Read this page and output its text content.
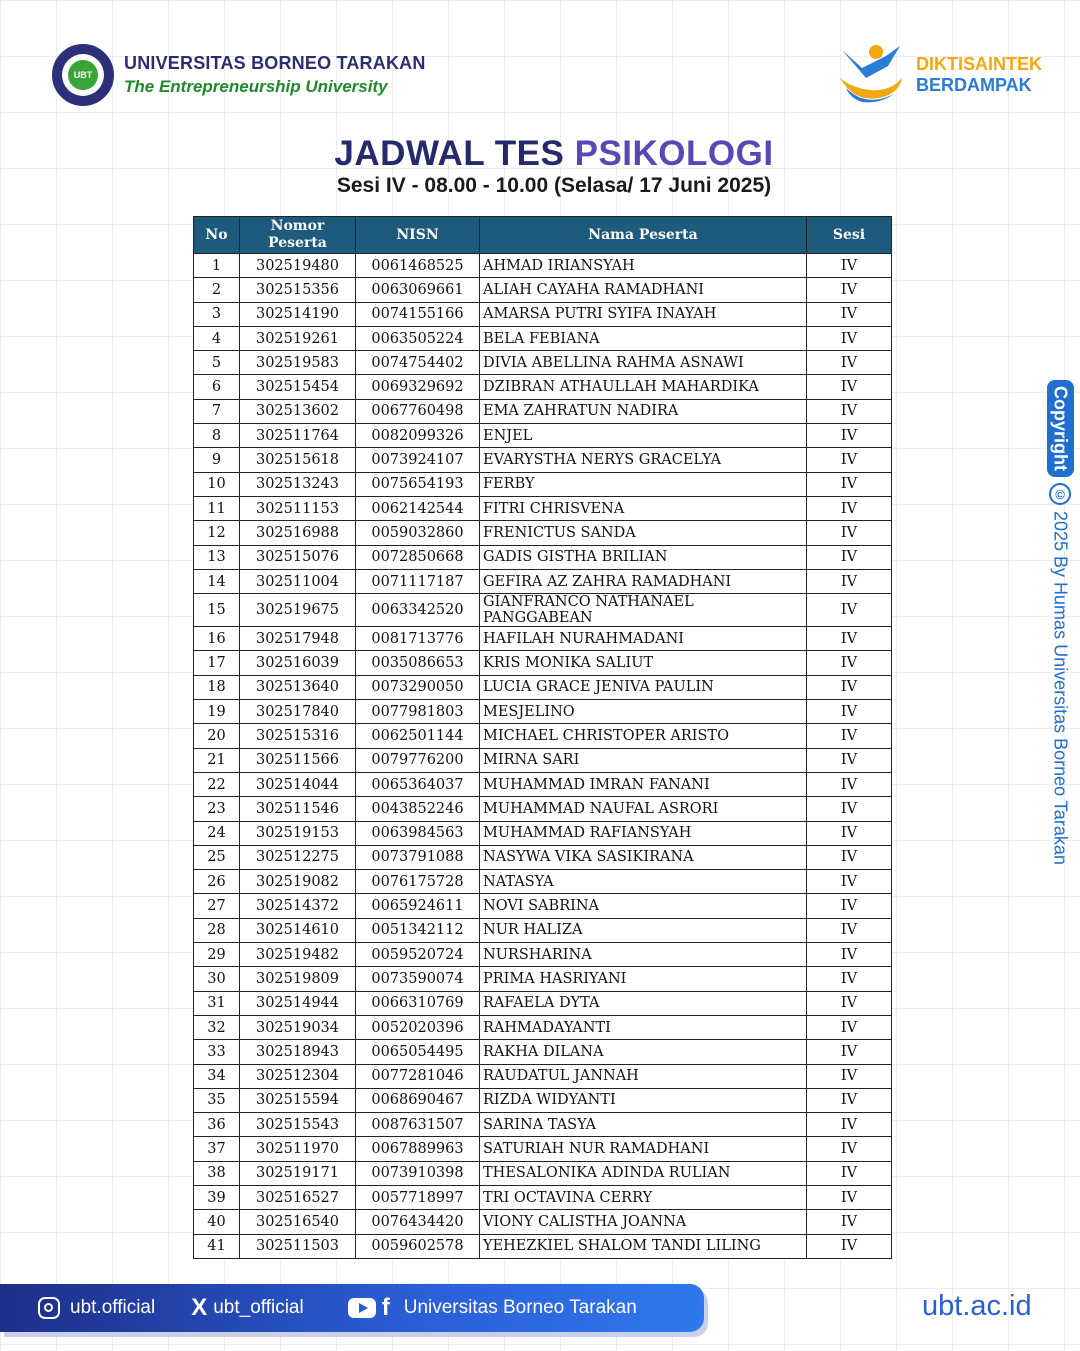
UBT
UNIVERSITAS BORNEO TARAKAN
The Entrepreneurship University
DIKTISAINTEK
BERDAMPAK
JADWAL TES PSIKOLOGI
Sesi IV - 08.00 - 10.00 (Selasa/ 17 Juni 2025)
No	Nomor Peserta	NISN	Nama Peserta	Sesi
1	302519480	0061468525	AHMAD IRIANSYAH	IV
2	302515356	0063069661	ALIAH CAYAHA RAMADHANI	IV
3	302514190	0074155166	AMARSA PUTRI SYIFA INAYAH	IV
4	302519261	0063505224	BELA FEBIANA	IV
5	302519583	0074754402	DIVIA ABELLINA RAHMA ASNAWI	IV
6	302515454	0069329692	DZIBRAN ATHAULLAH MAHARDIKA	IV
7	302513602	0067760498	EMA ZAHRATUN NADIRA	IV
8	302511764	0082099326	ENJEL	IV
9	302515618	0073924107	EVARYSTHA NERYS GRACELYA	IV
10	302513243	0075654193	FERBY	IV
11	302511153	0062142544	FITRI CHRISVENA	IV
12	302516988	0059032860	FRENICTUS SANDA	IV
13	302515076	0072850668	GADIS GISTHA BRILIAN	IV
14	302511004	0071117187	GEFIRA AZ ZAHRA RAMADHANI	IV
15	302519675	0063342520	GIANFRANCO NATHANAEL PANGGABEAN	IV
16	302517948	0081713776	HAFILAH NURAHMADANI	IV
17	302516039	0035086653	KRIS MONIKA SALIUT	IV
18	302513640	0073290050	LUCIA GRACE JENIVA PAULIN	IV
19	302517840	0077981803	MESJELINO	IV
20	302515316	0062501144	MICHAEL CHRISTOPER ARISTO	IV
21	302511566	0079776200	MIRNA SARI	IV
22	302514044	0065364037	MUHAMMAD IMRAN FANANI	IV
23	302511546	0043852246	MUHAMMAD NAUFAL ASRORI	IV
24	302519153	0063984563	MUHAMMAD RAFIANSYAH	IV
25	302512275	0073791088	NASYWA VIKA SASIKIRANA	IV
26	302519082	0076175728	NATASYA	IV
27	302514372	0065924611	NOVI SABRINA	IV
28	302514610	0051342112	NUR HALIZA	IV
29	302519482	0059520724	NURSHARINA	IV
30	302519809	0073590074	PRIMA HASRIYANI	IV
31	302514944	0066310769	RAFAELA DYTA	IV
32	302519034	0052020396	RAHMADAYANTI	IV
33	302518943	0065054495	RAKHA DILANA	IV
34	302512304	0077281046	RAUDATUL JANNAH	IV
35	302515594	0068690467	RIZDA WIDYANTI	IV
36	302515543	0087631507	SARINA TASYA	IV
37	302511970	0067889963	SATURIAH NUR RAMADHANI	IV
38	302519171	0073910398	THESALONIKA ADINDA RULIAN	IV
39	302516527	0057718997	TRI OCTAVINA CERRY	IV
40	302516540	0076434420	VIONY CALISTHA JOANNA	IV
41	302511503	0059602578	YEHEZKIEL SHALOM TANDI LILING	IV
Copyright
©
2025 By Humas Universitas Borneo Tarakan
ubt.official X ubt_official	f Universitas Borneo Tarakan	ubt.ac.id
